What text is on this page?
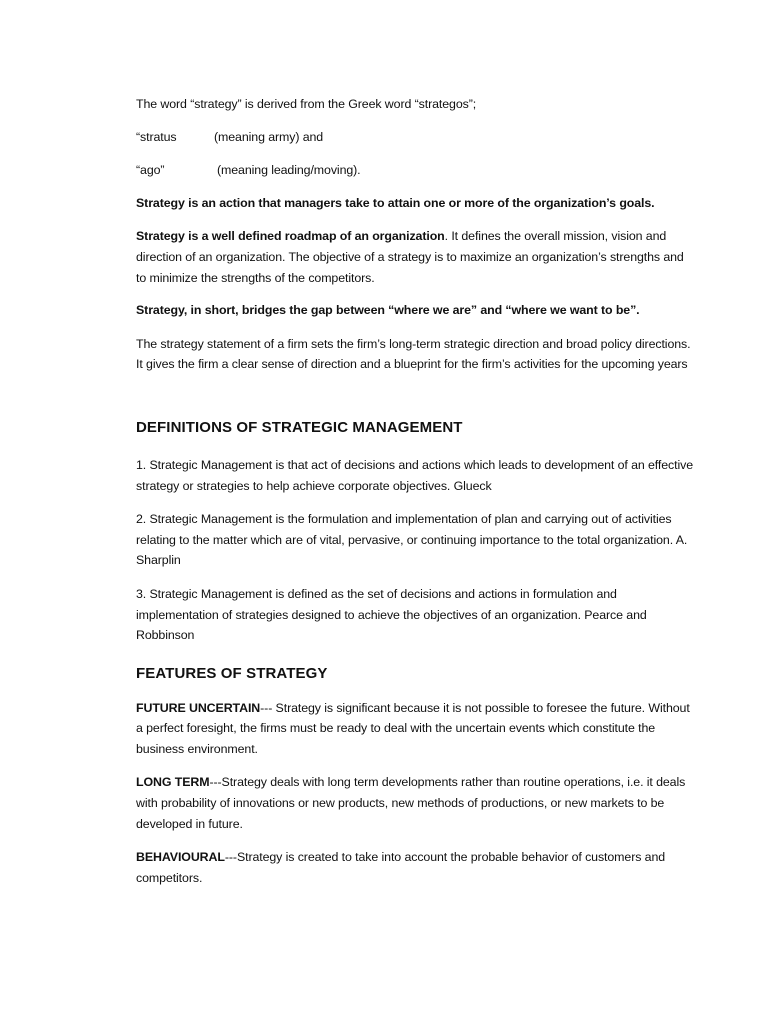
The word “strategy” is derived from the Greek word “strategos”;

“stratus	(meaning army) and

“ago”	(meaning leading/moving).

Strategy is an action that managers take to attain one or more of the organization’s goals.

Strategy is a well defined roadmap of an organization. It defines the overall mission, vision and direction of an organization. The objective of a strategy is to maximize an organization’s strengths and to minimize the strengths of the competitors.

Strategy, in short, bridges the gap between “where we are” and “where we want to be”.

The strategy statement of a firm sets the firm’s long-term strategic direction and broad policy directions. It gives the firm a clear sense of direction and a blueprint for the firm’s activities for the upcoming years

DEFINITIONS OF STRATEGIC MANAGEMENT

1. Strategic Management is that act of decisions and actions which leads to development of an effective strategy or strategies to help achieve corporate objectives. Glueck

2. Strategic Management is the formulation and implementation of plan and carrying out of activities relating to the matter which are of vital, pervasive, or continuing importance to the total organization. A. Sharplin

3. Strategic Management is defined as the set of decisions and actions in formulation and implementation of strategies designed to achieve the objectives of an organization. Pearce and Robbinson

FEATURES OF STRATEGY

FUTURE UNCERTAIN--- Strategy is significant because it is not possible to foresee the future. Without a perfect foresight, the firms must be ready to deal with the uncertain events which constitute the business environment.

LONG TERM---Strategy deals with long term developments rather than routine operations, i.e. it deals with probability of innovations or new products, new methods of productions, or new markets to be developed in future.

BEHAVIOURAL---Strategy is created to take into account the probable behavior of customers and competitors.
